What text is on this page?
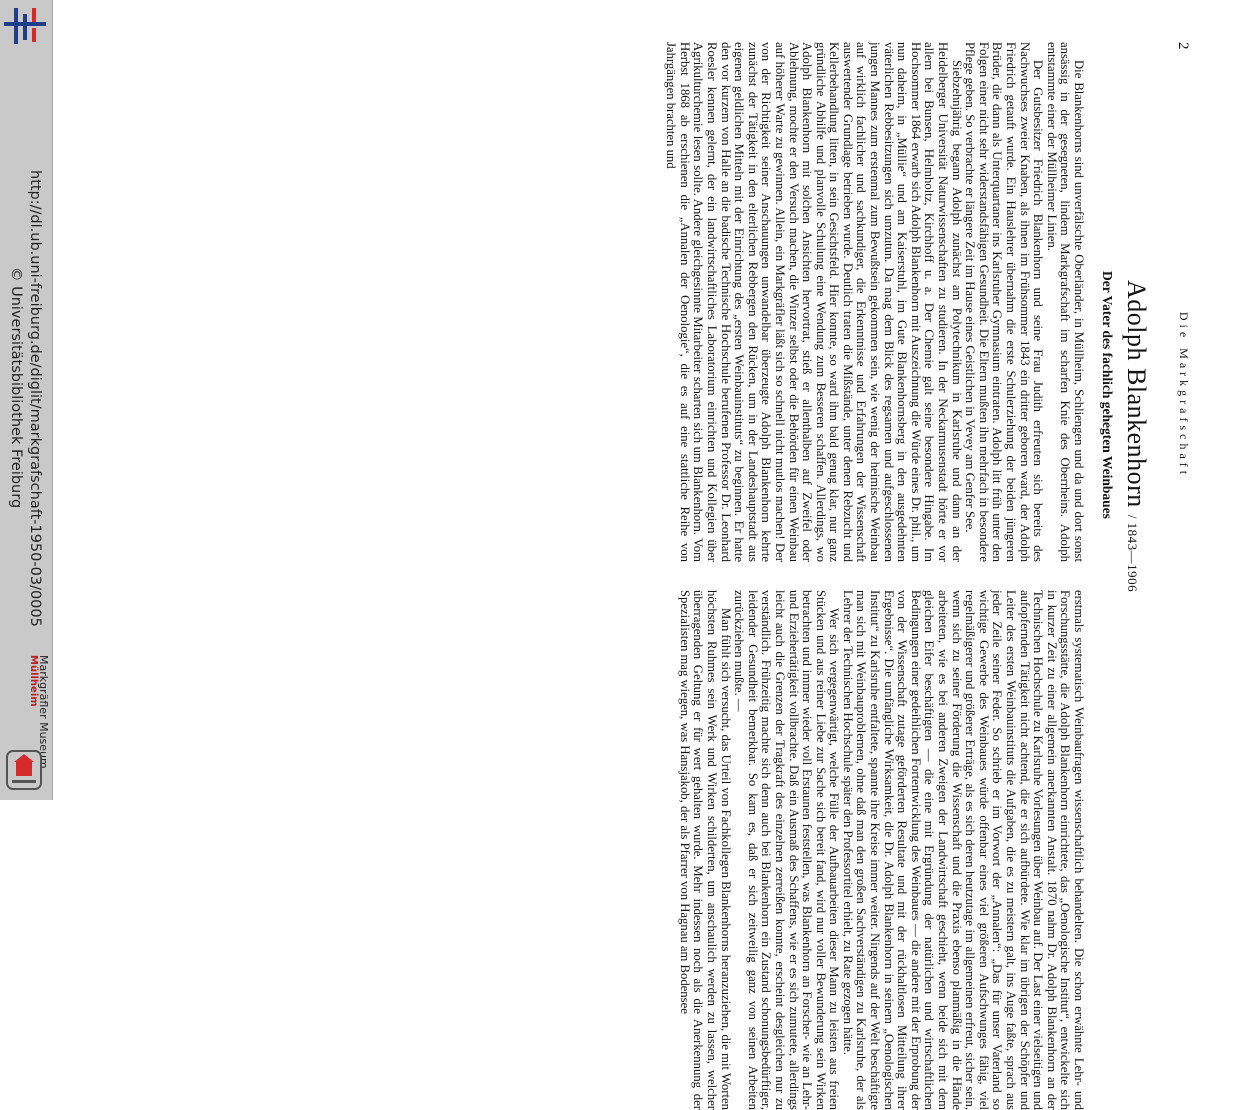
http://dl.ub.uni-freiburg.de/diglit/markgrafschaft-1950-03/0005
© Universitätsbibliothek Freiburg
Markgräfler Museum
Müllheim
2
Die Markgrafschaft
Adolph Blankenhorn / 1843—1906
Der Vater des fachlich gehegten Weinbaues

Die Blankenhorns sind unverfälschte Oberländer, in Müllheim, Schliengen und da und dort sonst ansässig in der gesegneten, lindem Markgrafschaft im scharfen Knie des Oberrheins. Adolph entstammte einer der Müllheimer Linien.

Der Gutsbesitzer Friedrich Blankenhorn und seine Frau Judith erfreuten sich bereits des Nachwuchses zweier Knaben, als ihnen im Frühsommer 1843 ein dritter geboren ward, der Adolph Friedrich getauft wurde. Ein Hauslehrer übernahm die erste Schulerziehung der beiden jüngeren Brüder, die dann als Unterquartaner ins Karlsruher Gymnasium eintraten. Adolph litt früh unter den Folgen einer nicht sehr widerstandsfähigen Gesundheit. Die Eltern mußten ihn mehrfach in besondere Pflege geben. So verbrachte er längere Zeit im Hause eines Geistlichen in Vevey am Genfer See.

Siebzehnjährig begann Adolph zunächst am Polytechnikum in Karlsruhe und dann an der Heidelberger Universität Naturwissenschaften zu studieren. In der Neckarmusenstadt hörte er vor allem bei Bunsen, Helmholtz, Kirchhoff u. a. Der Chemie galt seine besondere Hingabe. Im Hochsommer 1864 erwarb sich Adolph Blankenhorn mit Auszeichnung die Würde eines Dr. phil., um nun daheim, in „Müllie“ und am Kaiserstuhl, im Gute Blankenhornsberg in den ausgedehnten väterlichen Rebbesitzungen sich umzutun. Da mag dem Blick des regsamen und aufgeschlossenen jungen Mannes zum erstenmal zum Bewußtsein gekommen sein, wie wenig der heimische Weinbau auf wirklich fachlicher und sachkundiger, die Erkenntnisse und Erfahrungen der Wissenschaft auswertender Grundlage betrieben wurde. Deutlich traten die Mißstände, unter denen Rebzucht und Kellerbehandlung litten, in sein Gesichtsfeld. Hier konnte, so ward ihm bald genug klar, nur ganz gründliche Abhilfe und planvolle Schulung eine Wendung zum Besseren schaffen. Allerdings, wo Adolph Blankenhorn mit solchen Ansichten hervortrat, stieß er allenthalben auf Zweifel oder Ablehnung, mochte er den Versuch machen, die Winzer selbst oder die Behörden für einen Weinbau auf höherer Warte zu gewinnen. Allein, ein Markgräfler läßt sich so schnell nicht mutlos machen! Der von der Richtigkeit seiner Anschauungen unwandelbar überzeugte Adolph Blankenhorn kehrte zunächst der Tätigkeit in den elterlichen Rebbergen den Rücken, um in der Landeshauptstadt aus eigenen geldlichen Mitteln mit der Einrichtung des „ersten Weinbauinstituts“ zu beginnen. Er hatte den vor kurzem von Halle an die badische Technische Hochschule berufenen Professor Dr. Leonhard Roesler kennen gelernt, der ein landwirtschaftliches Laboratorium einrichten und Kollegien über Agrikulturchemie lesen sollte. Andere gleichgesinnte Mitarbeiter scharten sich um Blankenhorn. Vom Herbst 1868 ab erschienen die „Annalen der Oenologie“, die es auf eine stattliche Reihe von Jahrgängen brachten und

erstmals systematisch Weinbaufragen wissenschaftlich behandelten. Die schon erwähnte Lehr- und Forschungsstätte, die Adolph Blankenhorn einrichtete, das „Oenologische Institut“, entwickelte sich in kurzer Zeit zu einer allgemein anerkannten Anstalt. 1870 nahm Dr. Adolph Blankenhorn an der Technischen Hochschule zu Karlsruhe Vorlesungen über Weinbau auf. Der Last einer vielseitigen und aufopfernden Tätigkeit nicht achtend, die er sich aufbürdete. Wie klar im übrigen der Schöpfer und Leiter des ersten Weinbauinstituts die Aufgaben, die es zu meistern galt, ins Auge faßte, sprach aus jeder Zeile seiner Feder. So schrieb er im Vorwort der „Annalen“: „Das für unser Vaterland so wichtige Gewerbe des Weinbaues würde offenbar eines viel größeren Aufschwunges fähig, viel regelmäßigerer und größerer Erträge, als es sich deren heutzutage im allgemeinen erfreut, sicher sein, wenn sich zu seiner Förderung die Wissenschaft und die Praxis ebenso planmäßig in die Hände arbeiteten, wie es bei anderen Zweigen der Landwirtschaft geschieht, wenn beide sich mit dem gleichen Eifer beschäftigten — die eine mit Ergründung der natürlichen und wirtschaftlichen Bedingungen einer gedeihlichen Fortentwicklung des Weinbaues — die andere mit der Erprobung der von der Wissenschaft zutage geförderten Resultate und mit der rückhaltlosen Mitteilung ihrer Ergebnisse“. Die umfängliche Wirksamkeit, die Dr. Adolph Blankenhorn in seinem „Oenologischen Institut“ zu Karlsruhe entfaltete, spannte ihre Kreise immer weiter. Nirgends auf der Welt beschäftigte man sich mit Weinbauproblemen, ohne daß man den großen Sachverständigen zu Karlsruhe, der als Lehrer der Technischen Hochschule später den Professortitel erhielt, zu Rate gezogen hätte.

Wer sich vergegenwärtigt, welche Fülle der Aufbauarbeiten dieser Mann zu leisten aus freien Stücken und aus reiner Liebe zur Sache sich bereit fand, wird nur voller Bewunderung sein Wirken betrachten und immer wieder voll Erstaunen feststellen, was Blankenhorn an Forscher- wie an Lehr- und Erziehertätigkeit vollbrachte. Daß ein Ausmaß des Schaffens, wie er es sich zumutete, allerdings leicht auch die Grenzen der Tragkraft des einzelnen zerreißen konnte, erscheint desgleichen nur zu verständlich. Frühzeitig machte sich denn auch bei Blankenhorn ein Zustand schonungsbedürftiger, leidender Gesundheit bemerkbar. So kam es, daß er sich zeitweilig ganz von seinen Arbeiten zurückziehen mußte. —

Man fühlt sich versucht, das Urteil von Fachkollegen Blankenhorns heranzuziehen, die mit Worten höchsten Ruhmes sein Werk und Wirken schilderten, um anschaulich werden zu lassen, welcher überragenden Geltung er für wert gehalten wurde. Mehr indessen noch als die Anerkennung der Spezialisten mag wiegen, was Hansjakob, der als Pfarrer von Hagnau am Bodensee
